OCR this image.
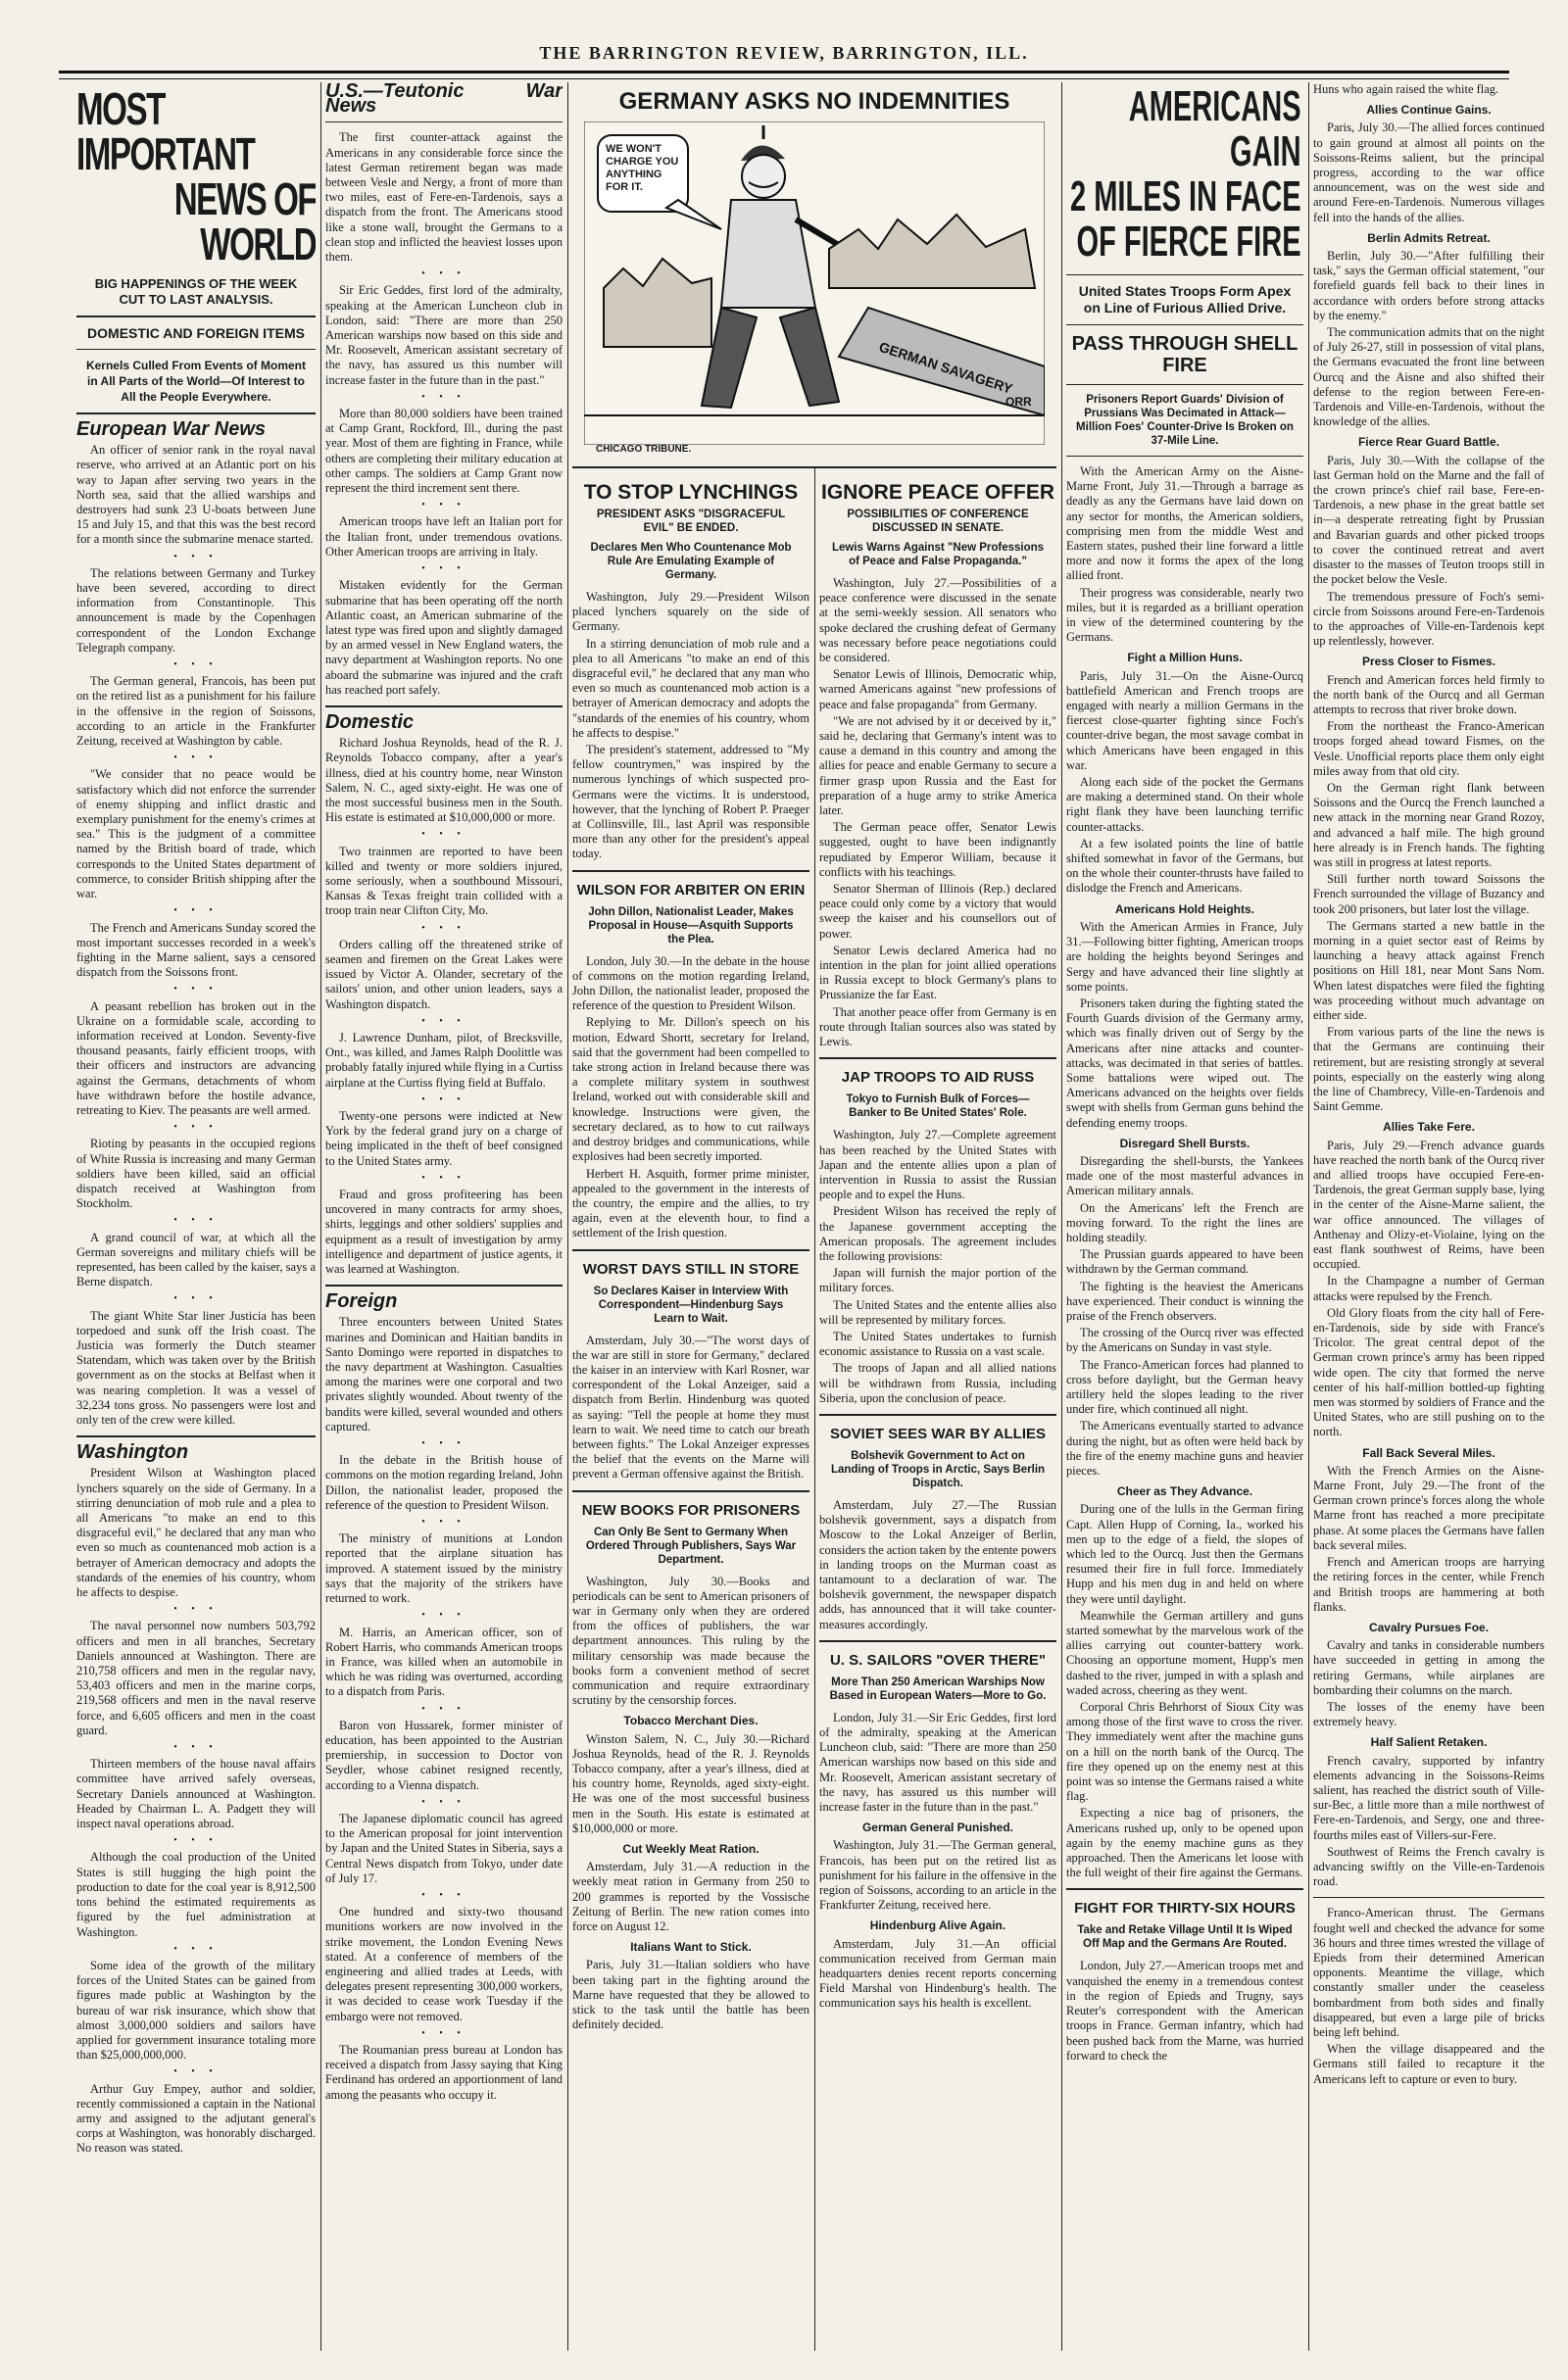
THE BARRINGTON REVIEW, BARRINGTON, ILL.
MOST IMPORTANT
NEWS OF WORLD
BIG HAPPENINGS OF THE WEEK CUT TO LAST ANALYSIS.
DOMESTIC AND FOREIGN ITEMS
Kernels Culled From Events of Moment in All Parts of the World—Of Interest to All the People Everywhere.
European War News

An officer of senior rank in the royal naval reserve, who arrived at an Atlantic port on his way to Japan after serving two years in the North sea, said that the allied warships and destroyers had sunk 23 U-boats between June 15 and July 15, and that this was the best record for a month since the submarine menace started.

• • •

The relations between Germany and Turkey have been severed, according to direct information from Constantinople. This announcement is made by the Copenhagen correspondent of the London Exchange Telegraph company.

• • •

The German general, Francois, has been put on the retired list as a punishment for his failure in the offensive in the region of Soissons, according to an article in the Frankfurter Zeitung, received at Washington by cable.

• • •

"We consider that no peace would be satisfactory which did not enforce the surrender of enemy shipping and inflict drastic and exemplary punishment for the enemy's crimes at sea." This is the judgment of a committee named by the British board of trade, which corresponds to the United States department of commerce, to consider British shipping after the war.

• • •

The French and Americans Sunday scored the most important successes recorded in a week's fighting in the Marne salient, says a censored dispatch from the Soissons front.

• • •

A peasant rebellion has broken out in the Ukraine on a formidable scale, according to information received at London. Seventy-five thousand peasants, fairly efficient troops, with their officers and instructors are advancing against the Germans, detachments of whom have withdrawn before the hostile advance, retreating to Kiev. The peasants are well armed.

• • •

Rioting by peasants in the occupied regions of White Russia is increasing and many German soldiers have been killed, said an official dispatch received at Washington from Stockholm.

• • •

A grand council of war, at which all the German sovereigns and military chiefs will be represented, has been called by the kaiser, says a Berne dispatch.

• • •

The giant White Star liner Justicia has been torpedoed and sunk off the Irish coast. The Justicia was formerly the Dutch steamer Statendam, which was taken over by the British government as on the stocks at Belfast when it was nearing completion. It was a vessel of 32,234 tons gross. No passengers were lost and only ten of the crew were killed.

Washington

President Wilson at Washington placed lynchers squarely on the side of Germany. In a stirring denunciation of mob rule and a plea to all Americans "to make an end to this disgraceful evil," he declared that any man who even so much as countenanced mob action is a betrayer of American democracy and adopts the standards of the enemies of his country, whom he affects to despise.

• • •

The naval personnel now numbers 503,792 officers and men in all branches, Secretary Daniels announced at Washington. There are 210,758 officers and men in the regular navy, 53,403 officers and men in the marine corps, 219,568 officers and men in the naval reserve force, and 6,605 officers and men in the coast guard.

• • •

Thirteen members of the house naval affairs committee have arrived safely overseas, Secretary Daniels announced at Washington. Headed by Chairman L. A. Padgett they will inspect naval operations abroad.

• • •

Although the coal production of the United States is still hugging the high point the production to date for the coal year is 8,912,500 tons behind the estimated requirements as figured by the fuel administration at Washington.

• • •

Some idea of the growth of the military forces of the United States can be gained from figures made public at Washington by the bureau of war risk insurance, which show that almost 3,000,000 soldiers and sailors have applied for government insurance totaling more than $25,000,000,000.

• • •

Arthur Guy Empey, author and soldier, recently commissioned a captain in the National army and assigned to the adjutant general's corps at Washington, was honorably discharged. No reason was stated.

U.S.—Teutonic War News

The first counter-attack against the Americans in any considerable force since the latest German retirement began was made between Vesle and Nergy, a front of more than two miles, east of Fere-en-Tardenois, says a dispatch from the front. The Americans stood like a stone wall, brought the Germans to a clean stop and inflicted the heaviest losses upon them.

• • •

Sir Eric Geddes, first lord of the admiralty, speaking at the American Luncheon club in London, said: "There are more than 250 American warships now based on this side and Mr. Roosevelt, American assistant secretary of the navy, has assured us this number will increase faster in the future than in the past."

• • •

More than 80,000 soldiers have been trained at Camp Grant, Rockford, Ill., during the past year. Most of them are fighting in France, while others are completing their military education at other camps. The soldiers at Camp Grant now represent the third increment sent there.

• • •

American troops have left an Italian port for the Italian front, under tremendous ovations. Other American troops are arriving in Italy.

• • •

Mistaken evidently for the German submarine that has been operating off the north Atlantic coast, an American submarine of the latest type was fired upon and slightly damaged by an armed vessel in New England waters, the navy department at Washington reports. No one aboard the submarine was injured and the craft has reached port safely.

Domestic

Richard Joshua Reynolds, head of the R. J. Reynolds Tobacco company, after a year's illness, died at his country home, near Winston Salem, N. C., aged sixty-eight. He was one of the most successful business men in the South. His estate is estimated at $10,000,000 or more.

• • •

Two trainmen are reported to have been killed and twenty or more soldiers injured, some seriously, when a southbound Missouri, Kansas & Texas freight train collided with a troop train near Clifton City, Mo.

• • •

Orders calling off the threatened strike of seamen and firemen on the Great Lakes were issued by Victor A. Olander, secretary of the sailors' union, and other union leaders, says a Washington dispatch.

• • •

J. Lawrence Dunham, pilot, of Brecksville, Ont., was killed, and James Ralph Doolittle was probably fatally injured while flying in a Curtiss airplane at the Curtiss flying field at Buffalo.

• • •

Twenty-one persons were indicted at New York by the federal grand jury on a charge of being implicated in the theft of beef consigned to the United States army.

• • •

Fraud and gross profiteering has been uncovered in many contracts for army shoes, shirts, leggings and other soldiers' supplies and equipment as a result of investigation by army intelligence and department of justice agents, it was learned at Washington.

Foreign

Three encounters between United States marines and Dominican and Haitian bandits in Santo Domingo were reported in dispatches to the navy department at Washington. Casualties among the marines were one corporal and two privates slightly wounded. About twenty of the bandits were killed, several wounded and others captured.

• • •

In the debate in the British house of commons on the motion regarding Ireland, John Dillon, the nationalist leader, proposed the reference of the question to President Wilson.

• • •

The ministry of munitions at London reported that the airplane situation has improved. A statement issued by the ministry says that the majority of the strikers have returned to work.

• • •

M. Harris, an American officer, son of Robert Harris, who commands American troops in France, was killed when an automobile in which he was riding was overturned, according to a dispatch from Paris.

• • •

Baron von Hussarek, former minister of education, has been appointed to the Austrian premiership, in succession to Doctor von Seydler, whose cabinet resigned recently, according to a Vienna dispatch.

• • •

The Japanese diplomatic council has agreed to the American proposal for joint intervention by Japan and the United States in Siberia, says a Central News dispatch from Tokyo, under date of July 17.

• • •

One hundred and sixty-two thousand munitions workers are now involved in the strike movement, the London Evening News stated. At a conference of members of the engineering and allied trades at Leeds, with delegates present representing 300,000 workers, it was decided to cease work Tuesday if the embargo were not removed.

• • •

The Roumanian press bureau at London has received a dispatch from Jassy saying that King Ferdinand has ordered an apportionment of land among the peasants who occupy it.

GERMANY ASKS NO INDEMNITIES
GERMAN SAVAGERY
ORR
WE WON'T CHARGE YOU ANYTHING FOR IT.
CHICAGO TRIBUNE.
TO STOP LYNCHINGS
PRESIDENT ASKS "DISGRACEFUL EVIL" BE ENDED.
Declares Men Who Countenance Mob Rule Are Emulating Example of Germany.

Washington, July 29.—President Wilson placed lynchers squarely on the side of Germany.

In a stirring denunciation of mob rule and a plea to all Americans "to make an end of this disgraceful evil," he declared that any man who even so much as countenanced mob action is a betrayer of American democracy and adopts the "standards of the enemies of his country, whom he affects to despise."

The president's statement, addressed to "My fellow countrymen," was inspired by the numerous lynchings of which suspected pro-Germans were the victims. It is understood, however, that the lynching of Robert P. Praeger at Collinsville, Ill., last April was responsible more than any other for the president's appeal today.

WILSON FOR ARBITER ON ERIN
John Dillon, Nationalist Leader, Makes Proposal in House—Asquith Supports the Plea.

London, July 30.—In the debate in the house of commons on the motion regarding Ireland, John Dillon, the nationalist leader, proposed the reference of the question to President Wilson.

Replying to Mr. Dillon's speech on his motion, Edward Shortt, secretary for Ireland, said that the government had been compelled to take strong action in Ireland because there was a complete military system in southwest Ireland, worked out with considerable skill and knowledge. Instructions were given, the secretary declared, as to how to cut railways and destroy bridges and communications, while explosives had been secretly imported.

Herbert H. Asquith, former prime minister, appealed to the government in the interests of the country, the empire and the allies, to try again, even at the eleventh hour, to find a settlement of the Irish question.

WORST DAYS STILL IN STORE
So Declares Kaiser in Interview With Correspondent—Hindenburg Says Learn to Wait.

Amsterdam, July 30.—"The worst days of the war are still in store for Germany," declared the kaiser in an interview with Karl Rosner, war correspondent of the Lokal Anzeiger, said a dispatch from Berlin. Hindenburg was quoted as saying: "Tell the people at home they must learn to wait. We need time to catch our breath between fights." The Lokal Anzeiger expresses the belief that the events on the Marne will prevent a German offensive against the British.

NEW BOOKS FOR PRISONERS
Can Only Be Sent to Germany When Ordered Through Publishers, Says War Department.

Washington, July 30.—Books and periodicals can be sent to American prisoners of war in Germany only when they are ordered from the offices of publishers, the war department announces. This ruling by the military censorship was made because the books form a convenient method of secret communication and require extraordinary scrutiny by the censorship forces.

Tobacco Merchant Dies.

Winston Salem, N. C., July 30.—Richard Joshua Reynolds, head of the R. J. Reynolds Tobacco company, after a year's illness, died at his country home, Reynolds, aged sixty-eight. He was one of the most successful business men in the South. His estate is estimated at $10,000,000 or more.

Cut Weekly Meat Ration.

Amsterdam, July 31.—A reduction in the weekly meat ration in Germany from 250 to 200 grammes is reported by the Vossische Zeitung of Berlin. The new ration comes into force on August 12.

Italians Want to Stick.

Paris, July 31.—Italian soldiers who have been taking part in the fighting around the Marne have requested that they be allowed to stick to the task until the battle has been definitely decided.

IGNORE PEACE OFFER
POSSIBILITIES OF CONFERENCE DISCUSSED IN SENATE.
Lewis Warns Against "New Professions of Peace and False Propaganda."

Washington, July 27.—Possibilities of a peace conference were discussed in the senate at the semi-weekly session. All senators who spoke declared the crushing defeat of Germany was necessary before peace negotiations could be considered.

Senator Lewis of Illinois, Democratic whip, warned Americans against "new professions of peace and false propaganda" from Germany.

"We are not advised by it or deceived by it," said he, declaring that Germany's intent was to cause a demand in this country and among the allies for peace and enable Germany to secure a firmer grasp upon Russia and the East for preparation of a huge army to strike America later.

The German peace offer, Senator Lewis suggested, ought to have been indignantly repudiated by Emperor William, because it conflicts with his teachings.

Senator Sherman of Illinois (Rep.) declared peace could only come by a victory that would sweep the kaiser and his counsellors out of power.

Senator Lewis declared America had no intention in the plan for joint allied operations in Russia except to block Germany's plans to Prussianize the far East.

That another peace offer from Germany is en route through Italian sources also was stated by Lewis.

JAP TROOPS TO AID RUSS
Tokyo to Furnish Bulk of Forces—Banker to Be United States' Role.

Washington, July 27.—Complete agreement has been reached by the United States with Japan and the entente allies upon a plan of intervention in Russia to assist the Russian people and to expel the Huns.

President Wilson has received the reply of the Japanese government accepting the American proposals. The agreement includes the following provisions:

Japan will furnish the major portion of the military forces.

The United States and the entente allies also will be represented by military forces.

The United States undertakes to furnish economic assistance to Russia on a vast scale.

The troops of Japan and all allied nations will be withdrawn from Russia, including Siberia, upon the conclusion of peace.

SOVIET SEES WAR BY ALLIES
Bolshevik Government to Act on Landing of Troops in Arctic, Says Berlin Dispatch.

Amsterdam, July 27.—The Russian bolshevik government, says a dispatch from Moscow to the Lokal Anzeiger of Berlin, considers the action taken by the entente powers in landing troops on the Murman coast as tantamount to a declaration of war. The bolshevik government, the newspaper dispatch adds, has announced that it will take counter-measures accordingly.

U. S. SAILORS "OVER THERE"
More Than 250 American Warships Now Based in European Waters—More to Go.

London, July 31.—Sir Eric Geddes, first lord of the admiralty, speaking at the American Luncheon club, said: "There are more than 250 American warships now based on this side and Mr. Roosevelt, American assistant secretary of the navy, has assured us this number will increase faster in the future than in the past."

German General Punished.

Washington, July 31.—The German general, Francois, has been put on the retired list as punishment for his failure in the offensive in the region of Soissons, according to an article in the Frankfurter Zeitung, received here.

Hindenburg Alive Again.

Amsterdam, July 31.—An official communication received from German main headquarters denies recent reports concerning Field Marshal von Hindenburg's health. The communication says his health is excellent.

AMERICANS GAIN
2 MILES IN FACE
OF FIERCE FIRE
United States Troops Form Apex on Line of Furious Allied Drive.
PASS THROUGH SHELL FIRE
Prisoners Report Guards' Division of Prussians Was Decimated in Attack—Million Foes' Counter-Drive Is Broken on 37-Mile Line.

With the American Army on the Aisne-Marne Front, July 31.—Through a barrage as deadly as any the Germans have laid down on any sector for months, the American soldiers, comprising men from the middle West and Eastern states, pushed their line forward a little more and now it forms the apex of the long allied front.

Their progress was considerable, nearly two miles, but it is regarded as a brilliant operation in view of the determined countering by the Germans.

Fight a Million Huns.

Paris, July 31.—On the Aisne-Ourcq battlefield American and French troops are engaged with nearly a million Germans in the fiercest close-quarter fighting since Foch's counter-drive began, the most savage combat in which Americans have been engaged in this war.

Along each side of the pocket the Germans are making a determined stand. On their whole right flank they have been launching terrific counter-attacks.

At a few isolated points the line of battle shifted somewhat in favor of the Germans, but on the whole their counter-thrusts have failed to dislodge the French and Americans.

Americans Hold Heights.

With the American Armies in France, July 31.—Following bitter fighting, American troops are holding the heights beyond Seringes and Sergy and have advanced their line slightly at some points.

Prisoners taken during the fighting stated the Fourth Guards division of the Germany army, which was finally driven out of Sergy by the Americans after nine attacks and counter-attacks, was decimated in that series of battles. Some battalions were wiped out. The Americans advanced on the heights over fields swept with shells from German guns behind the defending enemy troops.

Disregard Shell Bursts.

Disregarding the shell-bursts, the Yankees made one of the most masterful advances in American military annals.

On the Americans' left the French are moving forward. To the right the lines are holding steadily.

The Prussian guards appeared to have been withdrawn by the German command.

The fighting is the heaviest the Americans have experienced. Their conduct is winning the praise of the French observers.

The crossing of the Ourcq river was effected by the Americans on Sunday in vast style.

The Franco-American forces had planned to cross before daylight, but the German heavy artillery held the slopes leading to the river under fire, which continued all night.

The Americans eventually started to advance during the night, but as often were held back by the fire of the enemy machine guns and heavier pieces.

Cheer as They Advance.

During one of the lulls in the German firing Capt. Allen Hupp of Corning, Ia., worked his men up to the edge of a field, the slopes of which led to the Ourcq. Just then the Germans resumed their fire in full force. Immediately Hupp and his men dug in and held on where they were until daylight.

Meanwhile the German artillery and guns started somewhat by the marvelous work of the allies carrying out counter-battery work. Choosing an opportune moment, Hupp's men dashed to the river, jumped in with a splash and waded across, cheering as they went.

Corporal Chris Behrhorst of Sioux City was among those of the first wave to cross the river. They immediately went after the machine guns on a hill on the north bank of the Ourcq. The fire they opened up on the enemy nest at this point was so intense the Germans raised a white flag.

Expecting a nice bag of prisoners, the Americans rushed up, only to be opened upon again by the enemy machine guns as they approached. Then the Americans let loose with the full weight of their fire against the Germans.

FIGHT FOR THIRTY-SIX HOURS
Take and Retake Village Until It Is Wiped Off Map and the Germans Are Routed.

London, July 27.—American troops met and vanquished the enemy in a tremendous contest in the region of Epieds and Trugny, says Reuter's correspondent with the American troops in France. German infantry, which had been pushed back from the Marne, was hurried forward to check the

Huns who again raised the white flag.

Allies Continue Gains.

Paris, July 30.—The allied forces continued to gain ground at almost all points on the Soissons-Reims salient, but the principal progress, according to the war office announcement, was on the west side and around Fere-en-Tardenois. Numerous villages fell into the hands of the allies.

Berlin Admits Retreat.

Berlin, July 30.—"After fulfilling their task," says the German official statement, "our forefield guards fell back to their lines in accordance with orders before strong attacks by the enemy."

The communication admits that on the night of July 26-27, still in possession of vital plans, the Germans evacuated the front line between Ourcq and the Aisne and also shifted their defense to the region between Fere-en-Tardenois and Ville-en-Tardenois, without the knowledge of the allies.

Fierce Rear Guard Battle.

Paris, July 30.—With the collapse of the last German hold on the Marne and the fall of the crown prince's chief rail base, Fere-en-Tardenois, a new phase in the great battle set in—a desperate retreating fight by Prussian and Bavarian guards and other picked troops to cover the continued retreat and avert disaster to the masses of Teuton troops still in the pocket below the Vesle.

The tremendous pressure of Foch's semi-circle from Soissons around Fere-en-Tardenois to the approaches of Ville-en-Tardenois kept up relentlessly, however.

Press Closer to Fismes.

French and American forces held firmly to the north bank of the Ourcq and all German attempts to recross that river broke down.

From the northeast the Franco-American troops forged ahead toward Fismes, on the Vesle. Unofficial reports place them only eight miles away from that old city.

On the German right flank between Soissons and the Ourcq the French launched a new attack in the morning near Grand Rozoy, and advanced a half mile. The high ground here already is in French hands. The fighting was still in progress at latest reports.

Still further north toward Soissons the French surrounded the village of Buzancy and took 200 prisoners, but later lost the village.

The Germans started a new battle in the morning in a quiet sector east of Reims by launching a heavy attack against French positions on Hill 181, near Mont Sans Nom. When latest dispatches were filed the fighting was proceeding without much advantage on either side.

From various parts of the line the news is that the Germans are continuing their retirement, but are resisting strongly at several points, especially on the easterly wing along the line of Chambrecy, Ville-en-Tardenois and Saint Gemme.

Allies Take Fere.

Paris, July 29.—French advance guards have reached the north bank of the Ourcq river and allied troops have occupied Fere-en-Tardenois, the great German supply base, lying in the center of the Aisne-Marne salient, the war office announced. The villages of Anthenay and Olizy-et-Violaine, lying on the east flank southwest of Reims, have been occupied.

In the Champagne a number of German attacks were repulsed by the French.

Old Glory floats from the city hall of Fere-en-Tardenois, side by side with France's Tricolor. The great central depot of the German crown prince's army has been ripped wide open. The city that formed the nerve center of his half-million bottled-up fighting men was stormed by soldiers of France and the United States, who are still pushing on to the north.

Fall Back Several Miles.

With the French Armies on the Aisne-Marne Front, July 29.—The front of the German crown prince's forces along the whole Marne front has reached a more precipitate phase. At some places the Germans have fallen back several miles.

French and American troops are harrying the retiring forces in the center, while French and British troops are hammering at both flanks.

Cavalry Pursues Foe.

Cavalry and tanks in considerable numbers have succeeded in getting in among the retiring Germans, while airplanes are bombarding their columns on the march.

The losses of the enemy have been extremely heavy.

Half Salient Retaken.

French cavalry, supported by infantry elements advancing in the Soissons-Reims salient, has reached the district south of Ville-sur-Bec, a little more than a mile northwest of Fere-en-Tardenois, and Sergy, one and three-fourths miles east of Villers-sur-Fere.

Southwest of Reims the French cavalry is advancing swiftly on the Ville-en-Tardenois road.

Franco-American thrust. The Germans fought well and checked the advance for some 36 hours and three times wrested the village of Epieds from their determined American opponents. Meantime the village, which constantly smaller under the ceaseless bombardment from both sides and finally disappeared, but even a large pile of bricks being left behind.

When the village disappeared and the Germans still failed to recapture it the Americans left to capture or even to bury.
